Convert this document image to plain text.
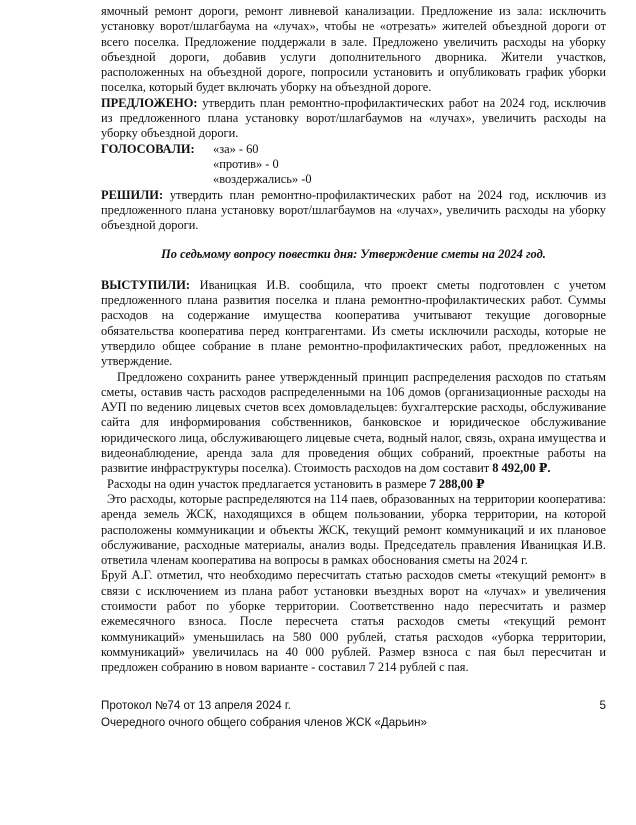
ямочный ремонт дороги, ремонт ливневой канализации. Предложение из зала: исключить установку ворот/шлагбаума на «лучах», чтобы не «отрезать» жителей объездной дороги от всего поселка. Предложение поддержали в зале. Предложено увеличить расходы на уборку объездной дороги, добавив услуги дополнительного дворника. Жители участков, расположенных на объездной дороге, попросили установить и опубликовать график уборки поселка, который будет включать уборку на объездной дороге.

ПРЕДЛОЖЕНО: утвердить план ремонтно-профилактических работ на 2024 год, исключив из предложенного плана установку ворот/шлагбаумов на «лучах», увеличить расходы на уборку объездной дороги.

ГОЛОСОВАЛИ:	«за» - 60
«против» - 0
«воздержались» -0

РЕШИЛИ: утвердить план ремонтно-профилактических работ на 2024 год, исключив из предложенного плана установку ворот/шлагбаумов на «лучах», увеличить расходы на уборку объездной дороги.

По седьмому вопросу повестки дня: Утверждение сметы на 2024 год.

ВЫСТУПИЛИ: Иваницкая И.В. сообщила, что проект сметы подготовлен с учетом предложенного плана развития поселка и плана ремонтно-профилактических работ. Суммы расходов на содержание имущества кооператива учитывают текущие договорные обязательства кооператива перед контрагентами. Из сметы исключили расходы, которые не утвердило общее собрание в плане ремонтно-профилактических работ, предложенных на утверждение.

Предложено сохранить ранее утвержденный принцип распределения расходов по статьям сметы, оставив часть расходов распределенными на 106 домов (организационные расходы на АУП по ведению лицевых счетов всех домовладельцев: бухгалтерские расходы, обслуживание сайта для информирования собственников, банковское и юридическое обслуживание юридического лица, обслуживающего лицевые счета, водный налог, связь, охрана имущества и видеонаблюдение, аренда зала для проведения общих собраний, проектные работы на развитие инфраструктуры поселка). Стоимость расходов на дом составит 8 492,00 ₽.

Расходы на один участок предлагается установить в размере 7 288,00 ₽

Это расходы, которые распределяются на 114 паев, образованных на территории кооператива: аренда земель ЖСК, находящихся в общем пользовании, уборка территории, на которой расположены коммуникации и объекты ЖСК, текущий ремонт коммуникаций и их плановое обслуживание, расходные материалы, анализ воды. Председатель правления Иваницкая И.В. ответила членам кооператива на вопросы в рамках обоснования сметы на 2024 г.

Бруй А.Г. отметил, что необходимо пересчитать статью расходов сметы «текущий ремонт» в связи с исключением из плана работ установки въездных ворот на «лучах» и увеличения стоимости работ по уборке территории. Соответственно надо пересчитать и размер ежемесячного взноса. После пересчета статья расходов сметы «текущий ремонт коммуникаций» уменьшилась на 580 000 рублей, статья расходов «уборка территории, коммуникаций» увеличилась на 40 000 рублей. Размер взноса с пая был пересчитан и предложен собранию в новом варианте - составил 7 214 рублей с пая.

Протокол №74 от 13 апреля 2024 г.	5
Очередного очного общего собрания членов ЖСК «Дарьин»
